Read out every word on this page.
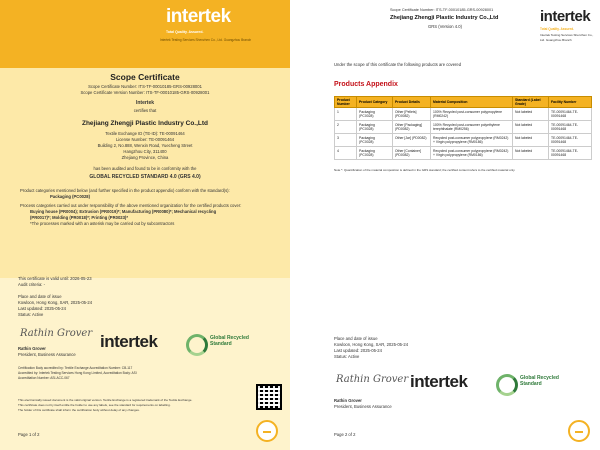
intertek
Total Quality. Assured.
Intertek Testing Services Shenzhen Co., Ltd. Guangzhou Branch
Scope Certificate
Scope Certificate Number: ITS-TF-00010185-GRS-00928001
Scope Certificate Version Number: ITS-TF-00010185-GRS-00928001
Intertek
certifies that
Zhejiang Zhengji Plastic Industry Co.,Ltd
Textile Exchange ID (TE-ID): TE-00091464
License Number: TE-00091464
Building 2, No.888, Wenxin Road, Yuecheng Street
Hangzhou City, 311400
Zhejiang Province, China
has been audited and found to be in conformity with the
GLOBAL RECYCLED STANDARD 4.0 (GRS 4.0)
Product categories mentioned below (and further specified in the product appendix) conform with the standard(s):
Packaging (PC0028)
Process categories carried out under responsibility of the above mentioned organization for the certified products cover:
Buying house (PR0004); Extrusion (PR0019)*; Manufacturing (PR0080)*; Mechanical recycling
(PR0017)*; Molding (PR0018)*; Printing (PR0023)*
*The processes marked with an asterisk may be carried out by subcontractors
This certificate is valid until: 2026-05-23
Audit criteria: -
Place and date of issue
Kowloon, Hong Kong, SAR, 2025-05-24
Last updated: 2025-05-24
Status: Active
Rathin Grover
Rathin Grover
President, Business Assurance
intertek	Global Recycled Standard
Certification Body accredited by: Textile Exchange Accreditation Number: CB-117
Accredited by: Intertek Testing Services Hong Kong Limited, Accreditation Body: ASI
Accreditation Number: ASI-ACC-067
This electronically issued document is the valid original version. Textile Exchange is a registered trademark of the Textile Exchange.
This certificate does not by itself entitle the holder to use any labels, see the standard for requirements on labelling.
The holder of this certificate shall inform the certification body without delay of any changes.
Page 1 of 2
Scope Certificate Number: ITS-TF-00010185-GRS-00928001
Zhejiang Zhengji Plastic Industry Co.,Ltd
GRS (Version 4.0)
intertek
Total Quality. Assured.
Intertek Testing Services Shenzhen Co., Ltd. Guangzhou Branch
Under the scope of this certificate the following products are covered
Products Appendix
Product Number	Product Category	Product Details	Material Composition	Standard (Label Grade)	Facility Number
1	Packaging (PC0028)	Other [Pellets] (PD0082)	100% Recycled post-consumer polypropylene (RM0242)	Not labeled	TE-00091464-TE-00091468
2	Packaging (PC0028)	Other [Packaging] (PD0082)	100% Recycled post-consumer polyethylene terephthalate (RM0256)	Not labeled	TE-00091464-TE-00091468
3	Packaging (PC0028)	Other [Jar] (PD0082)	Recycled post-consumer polypropylene (RM0242) + Virgin polypropylene (RM0186)	Not labeled	TE-00091464-TE-00091468
4	Packaging (PC0028)	Other [Container] (PD0082)	Recycled post-consumer polypropylene (RM0242) + Virgin polypropylene (RM0186)	Not labeled	TE-00091464-TE-00091468
Note *: Quantification of the material composition is defined in the GRS standard; the certified content refers to the certified material only.
Place and date of issue
Kowloon, Hong Kong, SAR, 2025-05-24
Last updated: 2025-05-24
Status: Active
Rathin Grover intertek	Global Recycled Standard
Rathin Grover
President, Business Assurance
Page 2 of 2
